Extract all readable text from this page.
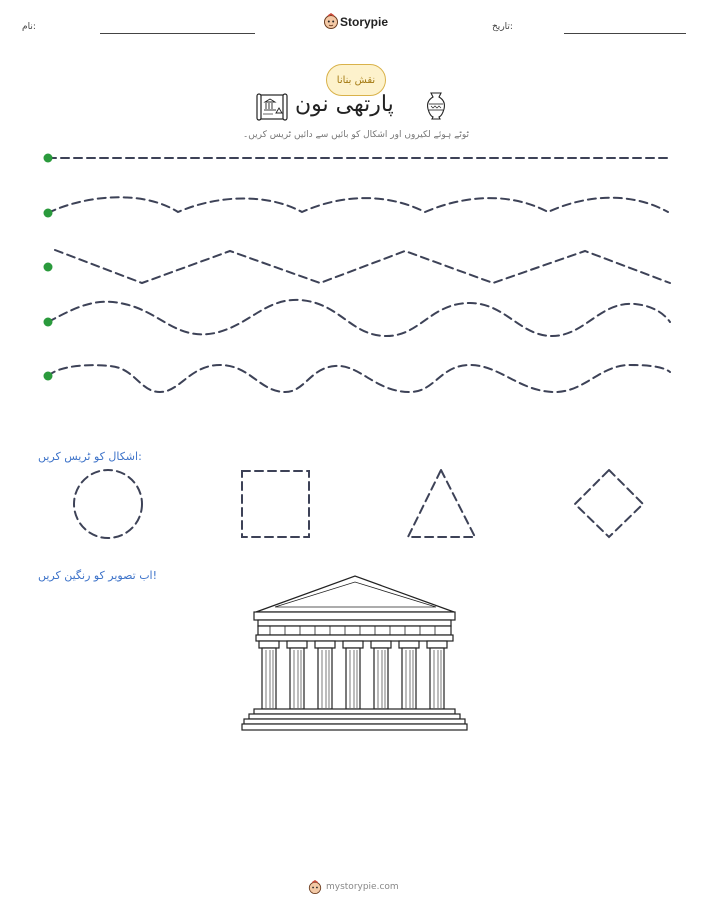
نام:	Storypie	تاریخ:
نقش بنانا
پارتھی نون
ٹوٹے ہوئے لکیروں اور اشکال کو بائیں سے دائیں ٹریس کریں۔
اشکال کو ٹریس کریں:
اب تصویر کو رنگین کریں!
mystorypie.com
